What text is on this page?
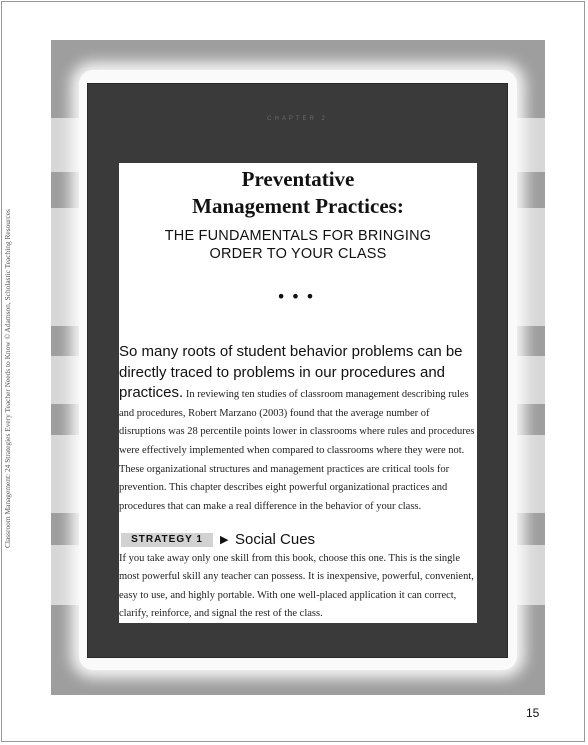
Classroom Management: 24 Strategies Every Teacher Needs to Know © Adamson, Scholastic Teaching Resources
CHAPTER 2
Preventative
Management Practices:
THE FUNDAMENTALS FOR BRINGING
ORDER TO YOUR CLASS
•••
So many roots of student behavior problems can be directly traced to problems in our procedures and practices. In reviewing ten studies of classroom management describing rules and procedures, Robert Marzano (2003) found that the average number of disruptions was 28 percentile points lower in classrooms where rules and procedures were effectively implemented when compared to classrooms where they were not. These organizational structures and management practices are critical tools for prevention. This chapter describes eight powerful organizational practices and procedures that can make a real difference in the behavior of your class.
STRATEGY 1	▶ Social Cues
If you take away only one skill from this book, choose this one. This is the single most powerful skill any teacher can possess. It is inexpensive, powerful, convenient, easy to use, and highly portable. With one well-placed application it can correct, clarify, reinforce, and signal the rest of the class.
15
